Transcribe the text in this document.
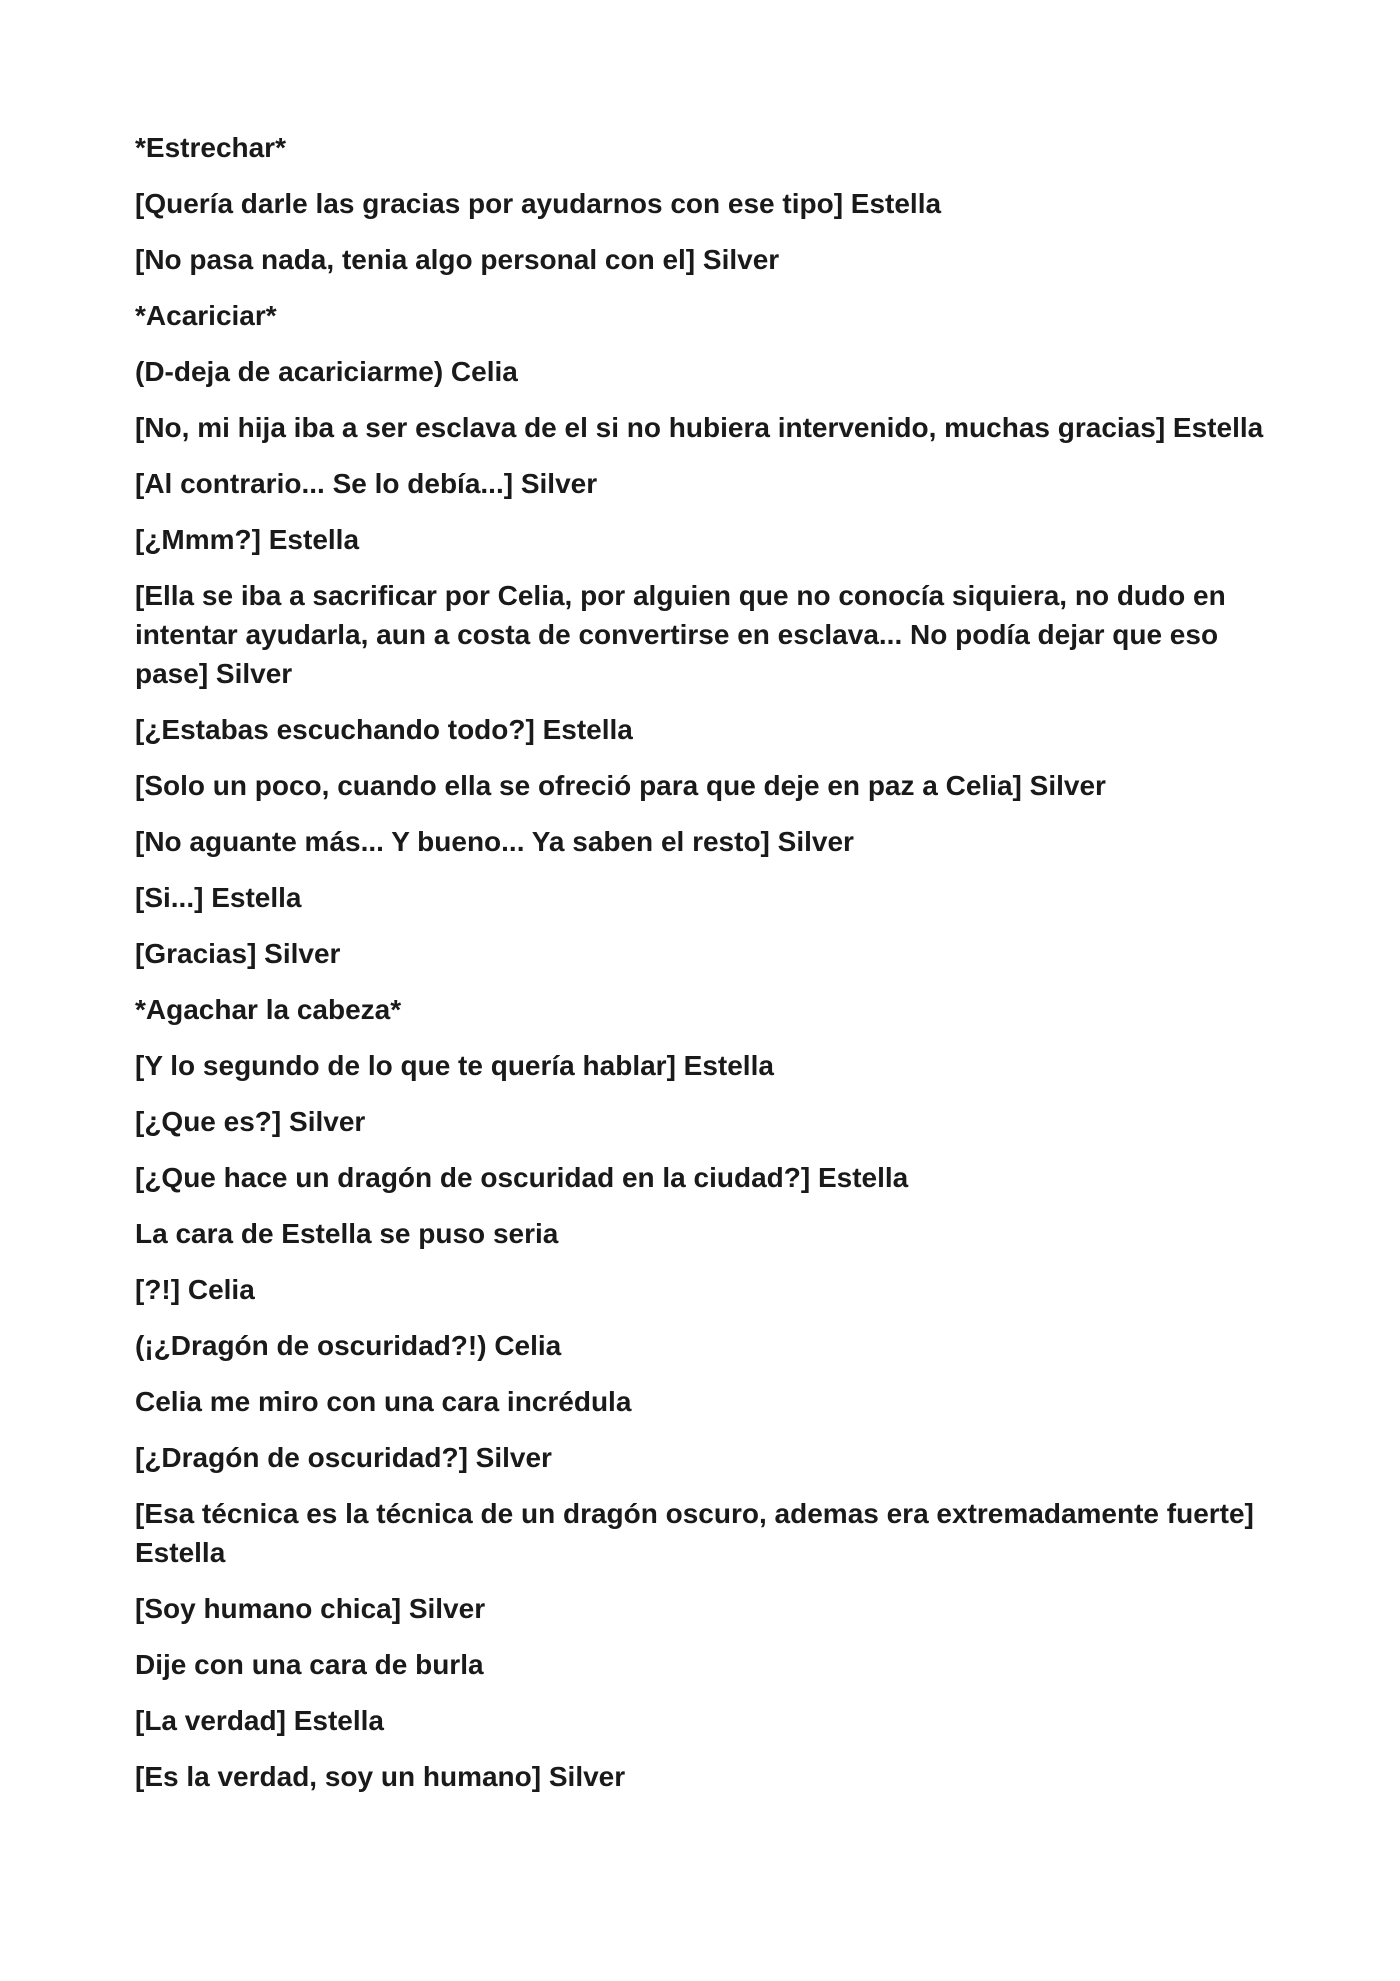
*Estrechar*

[Quería darle las gracias por ayudarnos con ese tipo] Estella

[No pasa nada, tenia algo personal con el] Silver

*Acariciar*

(D-deja de acariciarme) Celia

[No, mi hija iba a ser esclava de el si no hubiera intervenido, muchas gracias] Estella

[Al contrario... Se lo debía...] Silver

[¿Mmm?] Estella

[Ella se iba a sacrificar por Celia, por alguien que no conocía siquiera, no dudo en intentar ayudarla, aun a costa de convertirse en esclava... No podía dejar que eso pase] Silver

[¿Estabas escuchando todo?] Estella

[Solo un poco, cuando ella se ofreció para que deje en paz a Celia] Silver

[No aguante más... Y bueno... Ya saben el resto] Silver

[Si...] Estella

[Gracias] Silver

*Agachar la cabeza*

[Y lo segundo de lo que te quería hablar] Estella

[¿Que es?] Silver

[¿Que hace un dragón de oscuridad en la ciudad?] Estella

La cara de Estella se puso seria

[?!] Celia

(¡¿Dragón de oscuridad?!) Celia

Celia me miro con una cara incrédula

[¿Dragón de oscuridad?] Silver

[Esa técnica es la técnica de un dragón oscuro, ademas era extremadamente fuerte] Estella

[Soy humano chica] Silver

Dije con una cara de burla

[La verdad] Estella

[Es la verdad, soy un humano] Silver
